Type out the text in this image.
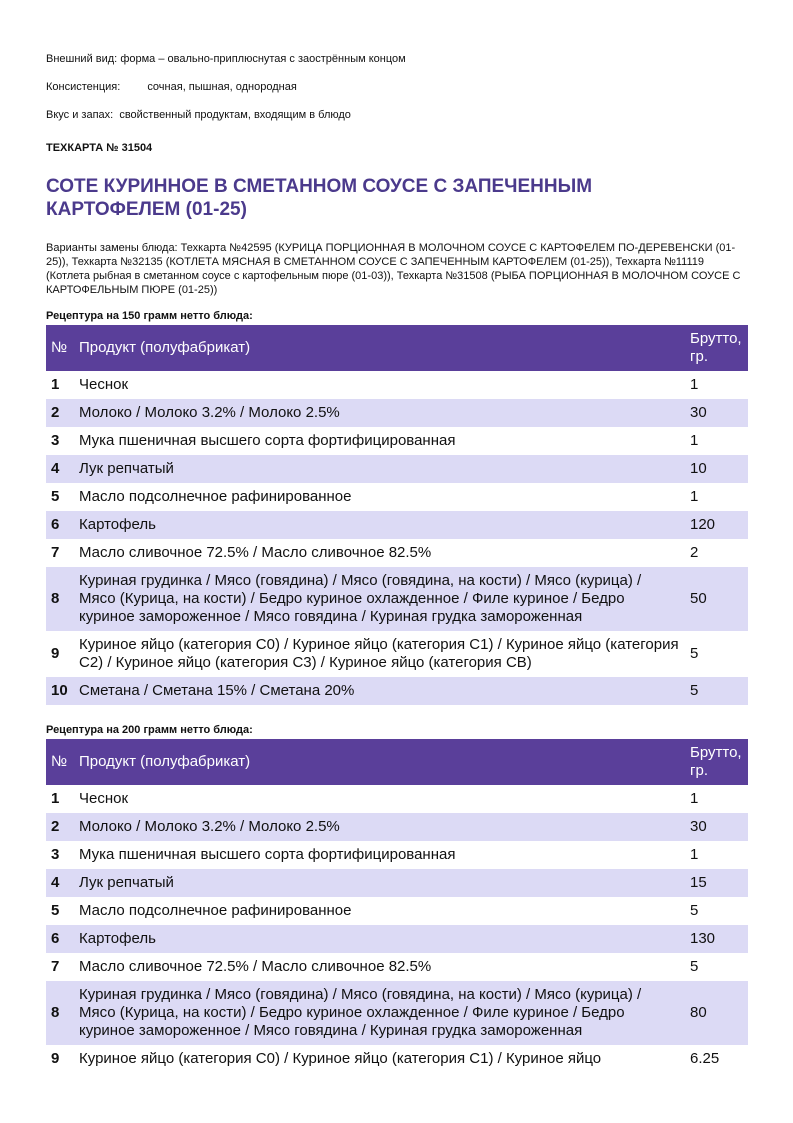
Внешний вид: форма – овально-приплюснутая с заострённым концом
Консистенция: сочная, пышная, однородная
Вкус и запах: свойственный продуктам, входящим в блюдо
ТЕХКАРТА № 31504
СОТЕ КУРИННОЕ В СМЕТАННОМ СОУСЕ С ЗАПЕЧЕННЫМ КАРТОФЕЛЕМ (01-25)
Варианты замены блюда: Техкарта №42595 (КУРИЦА ПОРЦИОННАЯ В МОЛОЧНОМ СОУСЕ С КАРТОФЕЛЕМ ПО-ДЕРЕВЕНСКИ (01-25)), Техкарта №32135 (КОТЛЕТА МЯСНАЯ В СМЕТАННОМ СОУСЕ С ЗАПЕЧЕННЫМ КАРТОФЕЛЕМ (01-25)), Техкарта №11119 (Котлета рыбная в сметанном соусе с картофельным пюре (01-03)), Техкарта №31508 (РЫБА ПОРЦИОННАЯ В МОЛОЧНОМ СОУСЕ С КАРТОФЕЛЬНЫМ ПЮРЕ (01-25))
Рецептура на 150 грамм нетто блюда:
№	Продукт (полуфабрикат)	Брутто, гр.
1	Чеснок	1
2	Молоко / Молоко 3.2% / Молоко 2.5%	30
3	Мука пшеничная высшего сорта фортифицированная	1
4	Лук репчатый	10
5	Масло подсолнечное рафинированное	1
6	Картофель	120
7	Масло сливочное 72.5% / Масло сливочное 82.5%	2
8	Куриная грудинка / Мясо (говядина) / Мясо (говядина, на кости) / Мясо (курица) / Мясо (Курица, на кости) / Бедро куриное охлажденное / Филе куриное / Бедро куриное замороженное / Мясо говядина / Куриная грудка замороженная	50
9	Куриное яйцо (категория С0) / Куриное яйцо (категория С1) / Куриное яйцо (категория С2) / Куриное яйцо (категория С3) / Куриное яйцо (категория СВ)	5
10	Сметана / Сметана 15% / Сметана 20%	5
Рецептура на 200 грамм нетто блюда:
№	Продукт (полуфабрикат)	Брутто, гр.
1	Чеснок	1
2	Молоко / Молоко 3.2% / Молоко 2.5%	30
3	Мука пшеничная высшего сорта фортифицированная	1
4	Лук репчатый	15
5	Масло подсолнечное рафинированное	5
6	Картофель	130
7	Масло сливочное 72.5% / Масло сливочное 82.5%	5
8	Куриная грудинка / Мясо (говядина) / Мясо (говядина, на кости) / Мясо (курица) / Мясо (Курица, на кости) / Бедро куриное охлажденное / Филе куриное / Бедро куриное замороженное / Мясо говядина / Куриная грудка замороженная	80
9	Куриное яйцо (категория С0) / Куриное яйцо (категория С1) / Куриное яйцо	6.25
